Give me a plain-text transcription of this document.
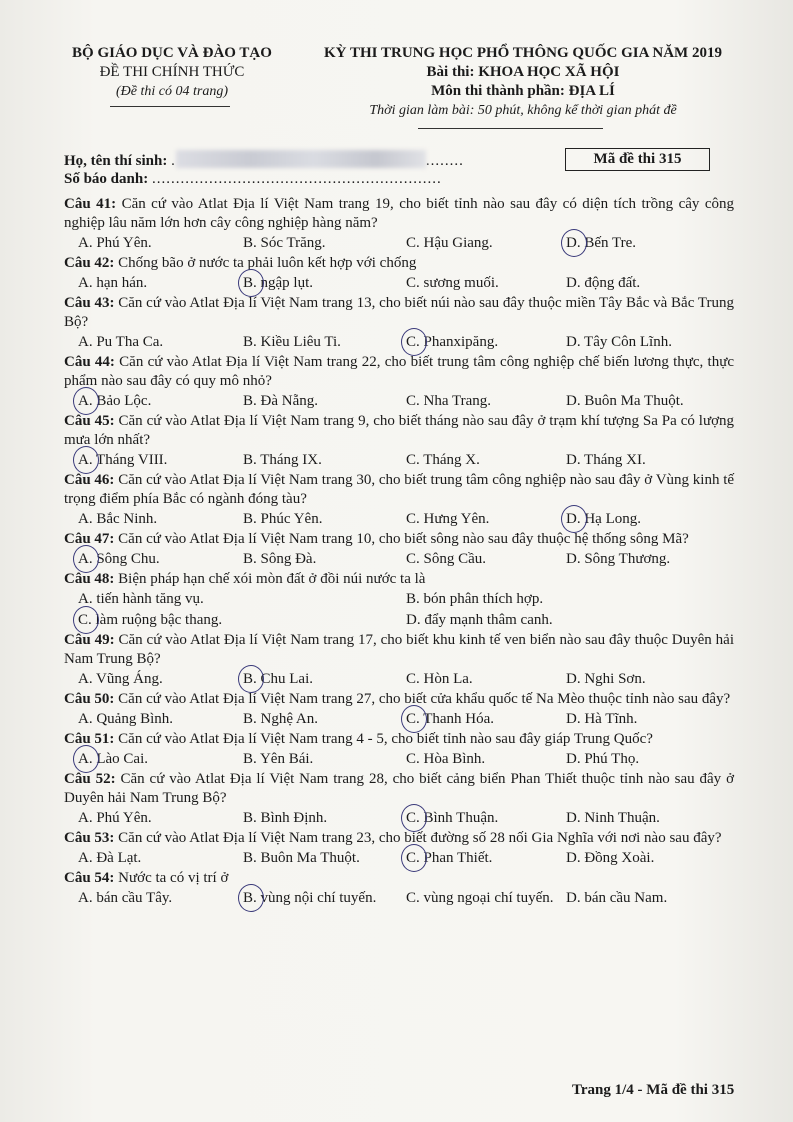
BỘ GIÁO DỤC VÀ ĐÀO TẠO
ĐỀ THI CHÍNH THỨC
(Đề thi có 04 trang)
KỲ THI TRUNG HỌC PHỔ THÔNG QUỐC GIA NĂM 2019
Bài thi: KHOA HỌC XÃ HỘI
Môn thi thành phần: ĐỊA LÍ
Thời gian làm bài: 50 phút, không kể thời gian phát đề
Họ, tên thí sinh: .	........
Số báo danh: .............................................................
Mã đề thi 315
Câu 41: Căn cứ vào Atlat Địa lí Việt Nam trang 19, cho biết tỉnh nào sau đây có diện tích trồng cây công nghiệp lâu năm lớn hơn cây công nghiệp hàng năm?
A. Phú Yên.	B. Sóc Trăng.	C. Hậu Giang.	D. Bến Tre.
Câu 42: Chống bão ở nước ta phải luôn kết hợp với chống
A. hạn hán.	B. ngập lụt.	C. sương muối.	D. động đất.
Câu 43: Căn cứ vào Atlat Địa lí Việt Nam trang 13, cho biết núi nào sau đây thuộc miền Tây Bắc và Bắc Trung Bộ?
A. Pu Tha Ca.	B. Kiều Liêu Ti.	C. Phanxipăng.	D. Tây Côn Lĩnh.
Câu 44: Căn cứ vào Atlat Địa lí Việt Nam trang 22, cho biết trung tâm công nghiệp chế biến lương thực, thực phẩm nào sau đây có quy mô nhỏ?
A. Bảo Lộc.	B. Đà Nẵng.	C. Nha Trang.	D. Buôn Ma Thuột.
Câu 45: Căn cứ vào Atlat Địa lí Việt Nam trang 9, cho biết tháng nào sau đây ở trạm khí tượng Sa Pa có lượng mưa lớn nhất?
A. Tháng VIII.	B. Tháng IX.	C. Tháng X.	D. Tháng XI.
Câu 46: Căn cứ vào Atlat Địa lí Việt Nam trang 30, cho biết trung tâm công nghiệp nào sau đây ở Vùng kinh tế trọng điểm phía Bắc có ngành đóng tàu?
A. Bắc Ninh.	B. Phúc Yên.	C. Hưng Yên.	D. Hạ Long.
Câu 47: Căn cứ vào Atlat Địa lí Việt Nam trang 10, cho biết sông nào sau đây thuộc hệ thống sông Mã?
A. Sông Chu.	B. Sông Đà.	C. Sông Cầu.	D. Sông Thương.
Câu 48: Biện pháp hạn chế xói mòn đất ở đồi núi nước ta là
A. tiến hành tăng vụ.	B. bón phân thích hợp.
C. làm ruộng bậc thang.	D. đẩy mạnh thâm canh.
Câu 49: Căn cứ vào Atlat Địa lí Việt Nam trang 17, cho biết khu kinh tế ven biển nào sau đây thuộc Duyên hải Nam Trung Bộ?
A. Vũng Áng.	B. Chu Lai.	C. Hòn La.	D. Nghi Sơn.
Câu 50: Căn cứ vào Atlat Địa lí Việt Nam trang 27, cho biết cửa khẩu quốc tế Na Mèo thuộc tỉnh nào sau đây?
A. Quảng Bình.	B. Nghệ An.	C. Thanh Hóa.	D. Hà Tĩnh.
Câu 51: Căn cứ vào Atlat Địa lí Việt Nam trang 4 - 5, cho biết tỉnh nào sau đây giáp Trung Quốc?
A. Lào Cai.	B. Yên Bái.	C. Hòa Bình.	D. Phú Thọ.
Câu 52: Căn cứ vào Atlat Địa lí Việt Nam trang 28, cho biết cảng biển Phan Thiết thuộc tỉnh nào sau đây ở Duyên hải Nam Trung Bộ?
A. Phú Yên.	B. Bình Định.	C. Bình Thuận.	D. Ninh Thuận.
Câu 53: Căn cứ vào Atlat Địa lí Việt Nam trang 23, cho biết đường số 28 nối Gia Nghĩa với nơi nào sau đây?
A. Đà Lạt.	B. Buôn Ma Thuột.	C. Phan Thiết.	D. Đồng Xoài.
Câu 54: Nước ta có vị trí ở
A. bán cầu Tây.	B. vùng nội chí tuyến. C. vùng ngoại chí tuyến. D. bán cầu Nam.
Trang 1/4 - Mã đề thi 315
